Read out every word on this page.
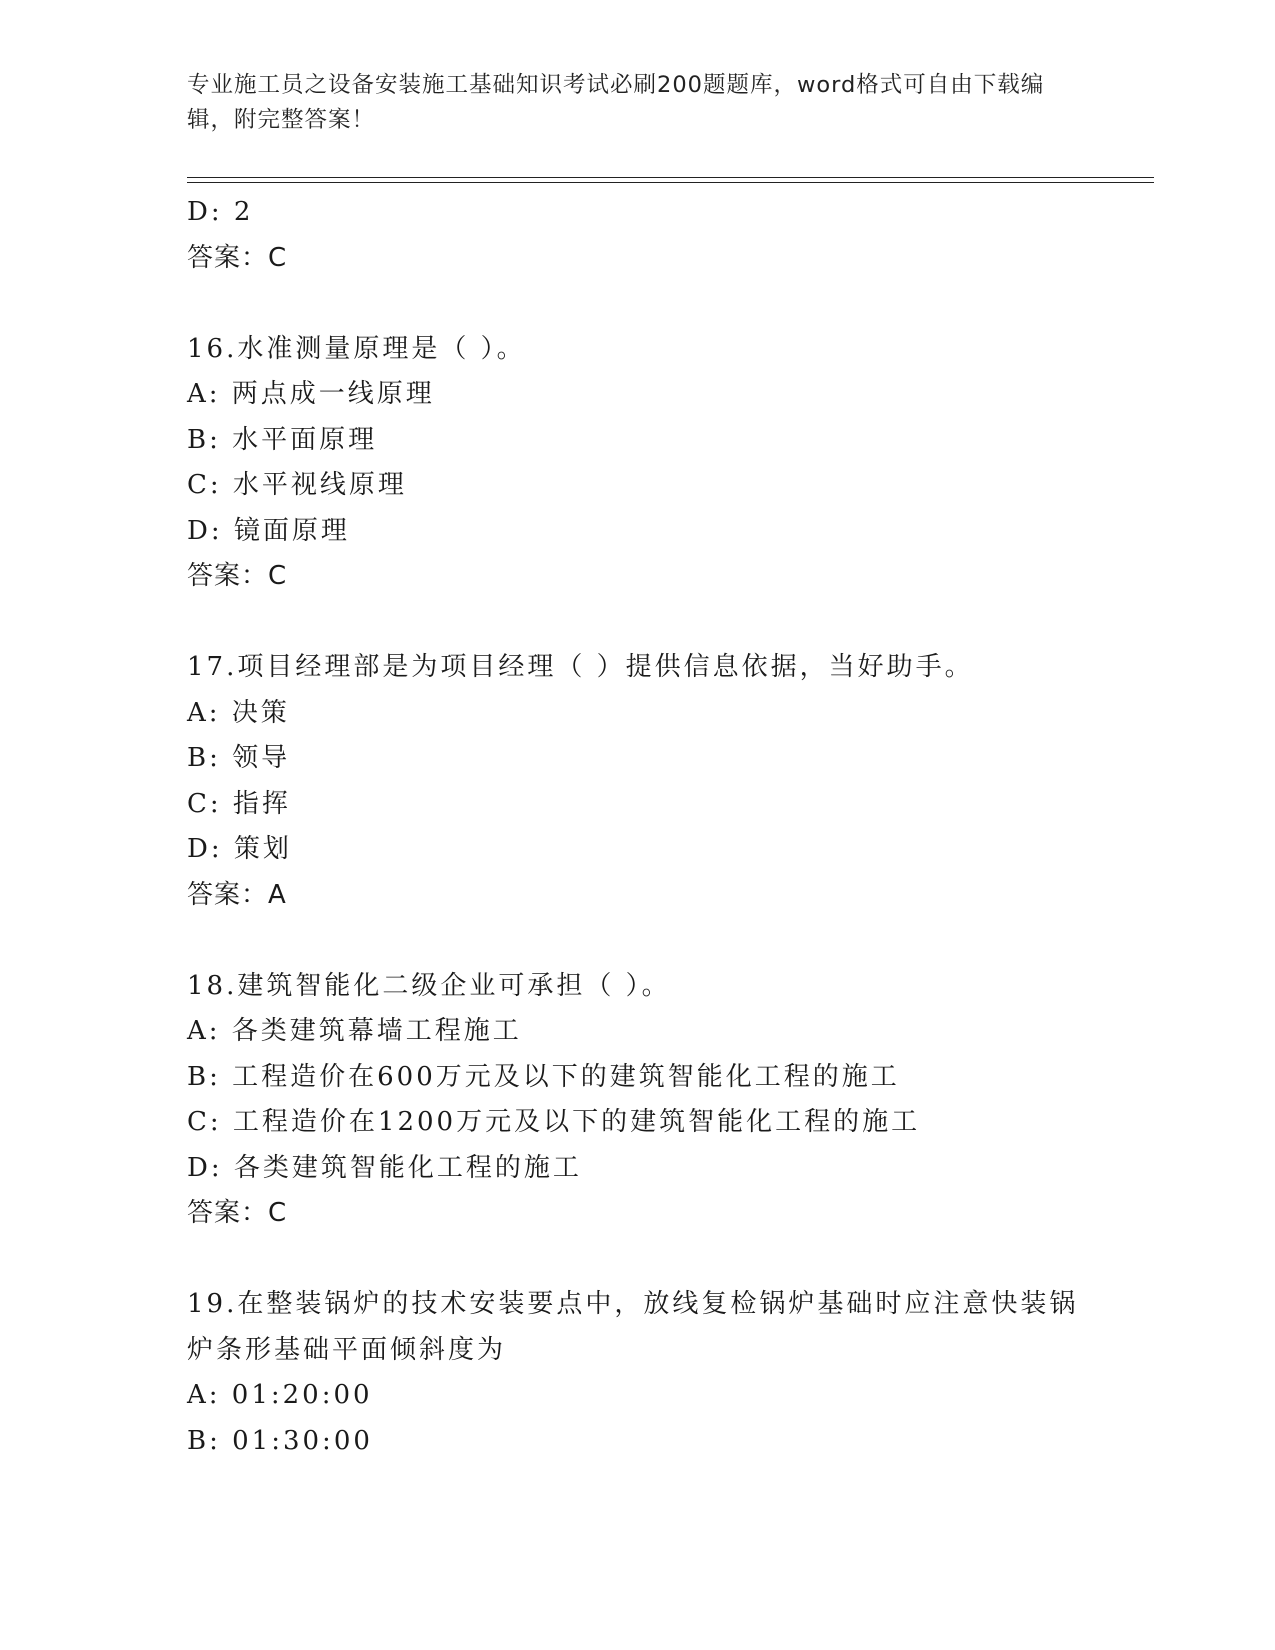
专业施工员之设备安装施工基础知识考试必刷200题题库，word格式可自由下载编辑，附完整答案！
D: 2
答案：C
16.水准测量原理是（ ）。
A: 两点成一线原理
B: 水平面原理
C: 水平视线原理
D: 镜面原理
答案：C
17.项目经理部是为项目经理（ ）提供信息依据，当好助手。
A: 决策
B: 领导
C: 指挥
D: 策划
答案：A
18.建筑智能化二级企业可承担（ ）。
A: 各类建筑幕墙工程施工
B: 工程造价在600万元及以下的建筑智能化工程的施工
C: 工程造价在1200万元及以下的建筑智能化工程的施工
D: 各类建筑智能化工程的施工
答案：C
19.在整装锅炉的技术安装要点中，放线复检锅炉基础时应注意快装锅炉条形基础平面倾斜度为
A: 01:20:00
B: 01:30:00
